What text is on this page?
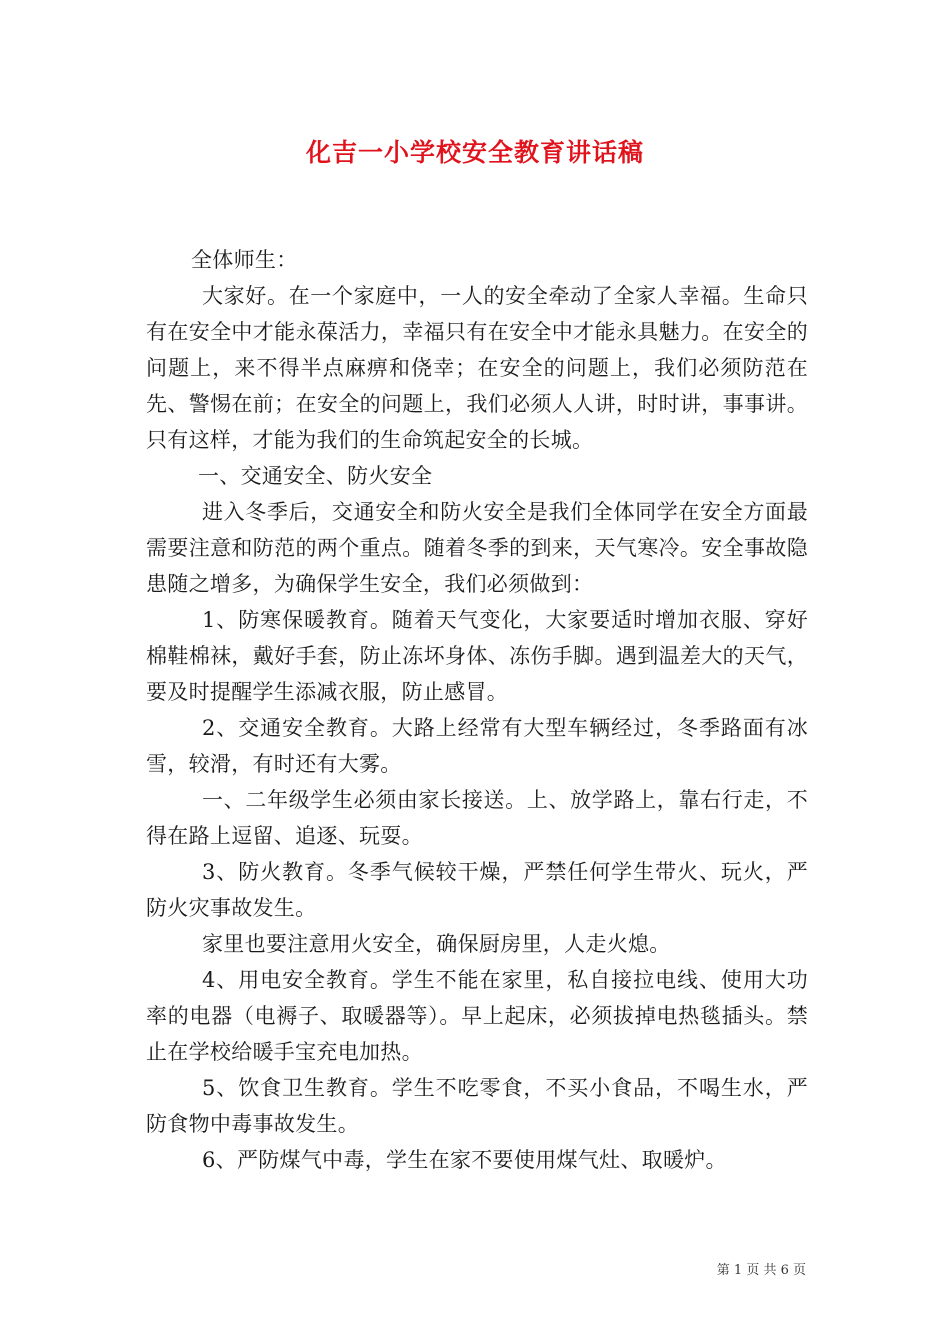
化吉一小学校安全教育讲话稿

全体师生：

大家好。在一个家庭中，一人的安全牵动了全家人幸福。生命只有在安全中才能永葆活力，幸福只有在安全中才能永具魅力。在安全的问题上，来不得半点麻痹和侥幸；在安全的问题上，我们必须防范在先、警惕在前；在安全的问题上，我们必须人人讲，时时讲，事事讲。只有这样，才能为我们的生命筑起安全的长城。

一、交通安全、防火安全

进入冬季后，交通安全和防火安全是我们全体同学在安全方面最需要注意和防范的两个重点。随着冬季的到来，天气寒冷。安全事故隐患随之增多，为确保学生安全，我们必须做到：

1、防寒保暖教育。随着天气变化，大家要适时增加衣服、穿好棉鞋棉袜，戴好手套，防止冻坏身体、冻伤手脚。遇到温差大的天气，要及时提醒学生添减衣服，防止感冒。

2、交通安全教育。大路上经常有大型车辆经过，冬季路面有冰雪，较滑，有时还有大雾。

一、二年级学生必须由家长接送。上、放学路上，靠右行走，不得在路上逗留、追逐、玩耍。

3、防火教育。冬季气候较干燥，严禁任何学生带火、玩火，严防火灾事故发生。

家里也要注意用火安全，确保厨房里，人走火熄。

4、用电安全教育。学生不能在家里，私自接拉电线、使用大功率的电器（电褥子、取暖器等）。早上起床，必须拔掉电热毯插头。禁止在学校给暖手宝充电加热。

5、饮食卫生教育。学生不吃零食，不买小食品，不喝生水，严防食物中毒事故发生。

6、严防煤气中毒，学生在家不要使用煤气灶、取暖炉。

第 1 页 共 6 页
